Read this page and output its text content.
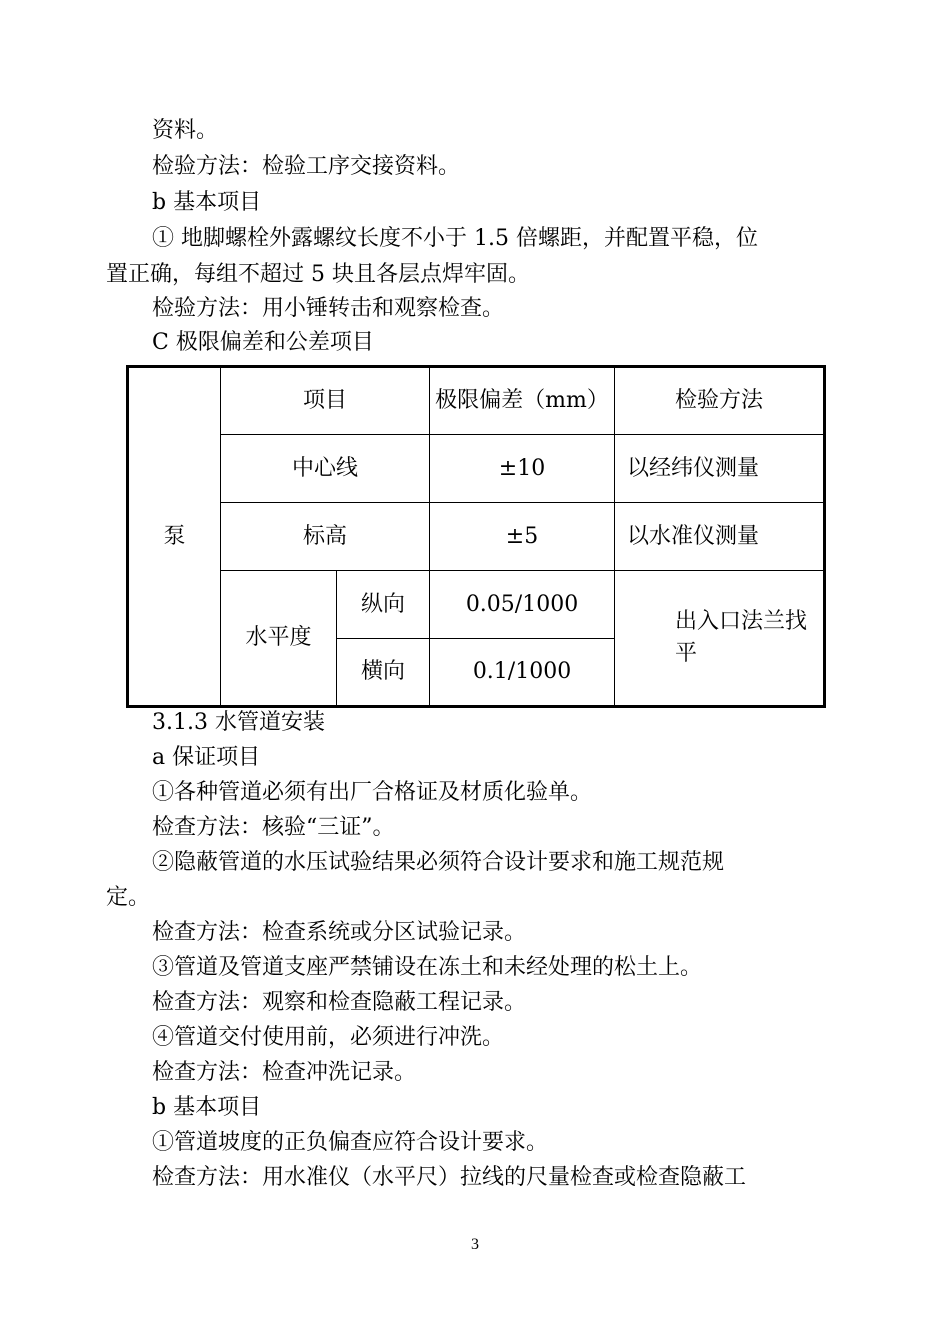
资料。
检验方法：检验工序交接资料。
b 基本项目
① 地脚螺栓外露螺纹长度不小于 1.5 倍螺距，并配置平稳，位
置正确，每组不超过 5 块且各层点焊牢固。
检验方法：用小锤转击和观察检查。
C 极限偏差和公差项目
泵	项目		极限偏差（mm）	检验方法
	中心线		±10	以经纬仪测量
	标高		±5	以水准仪测量
	水平度	纵向	0.05/1000	出入口法兰找平
		横向	0.1/1000	
3.1.3 水管道安装
a 保证项目
①各种管道必须有出厂合格证及材质化验单。
检查方法：核验“三证”。
②隐蔽管道的水压试验结果必须符合设计要求和施工规范规
定。
检查方法：检查系统或分区试验记录。
③管道及管道支座严禁铺设在冻土和未经处理的松土上。
检查方法：观察和检查隐蔽工程记录。
④管道交付使用前，必须进行冲洗。
检查方法：检查冲洗记录。
b 基本项目
①管道坡度的正负偏查应符合设计要求。
检查方法：用水准仪（水平尺）拉线的尺量检查或检查隐蔽工
3
